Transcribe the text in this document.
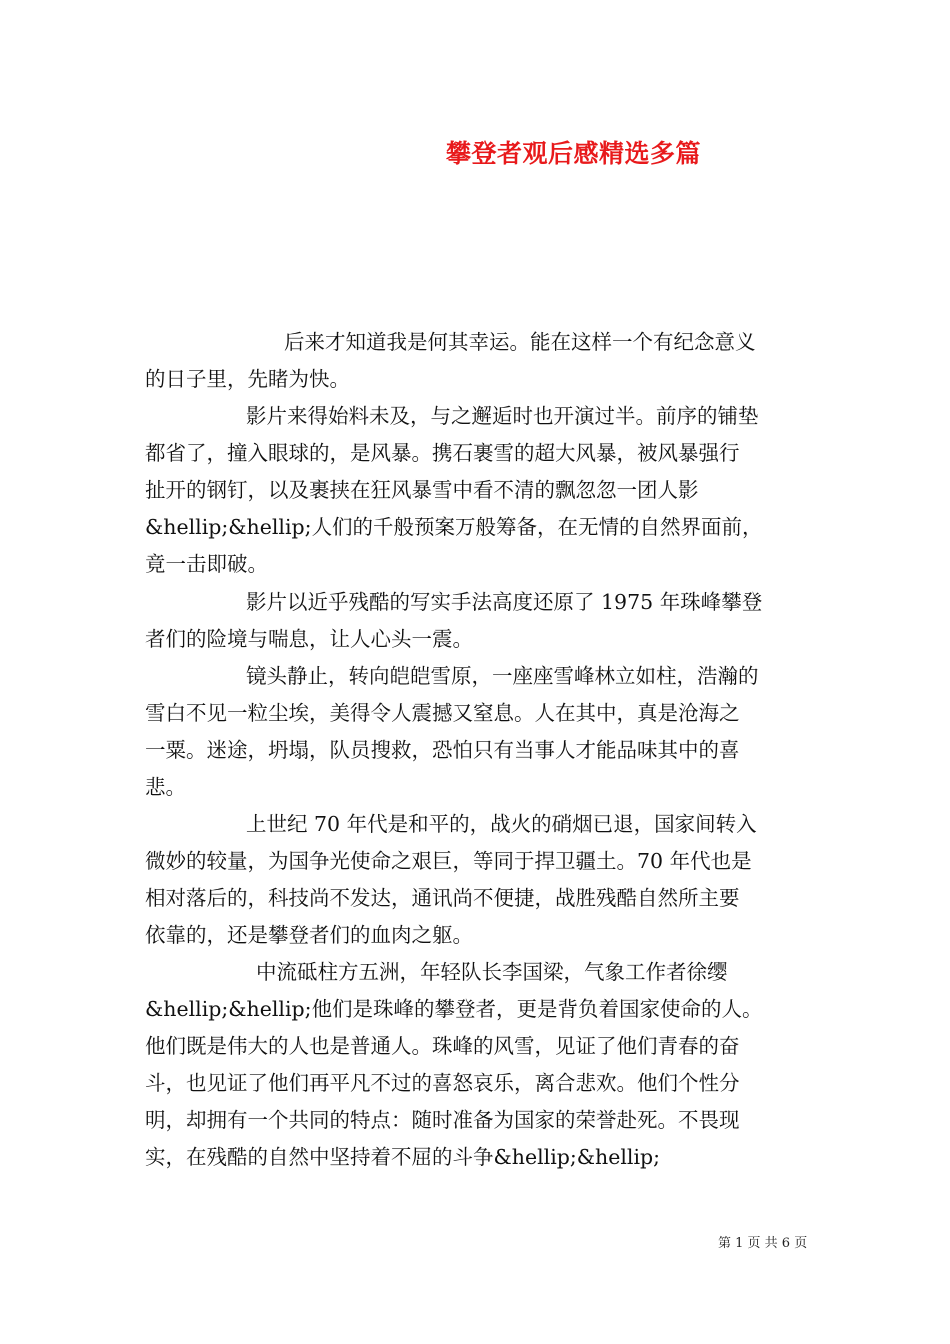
攀登者观后感精选多篇

后来才知道我是何其幸运。能在这样一个有纪念意义

的日子里，先睹为快。

影片来得始料未及，与之邂逅时也开演过半。前序的铺垫

都省了，撞入眼球的，是风暴。携石裹雪的超大风暴，被风暴强行

扯开的钢钉，以及裹挟在狂风暴雪中看不清的飘忽忽一团人影

&hellip;&hellip;人们的千般预案万般筹备，在无情的自然界面前，

竟一击即破。

影片以近乎残酷的写实手法高度还原了 1975 年珠峰攀登

者们的险境与喘息，让人心头一震。

镜头静止，转向皑皑雪原，一座座雪峰林立如柱，浩瀚的

雪白不见一粒尘埃，美得令人震撼又窒息。人在其中，真是沧海之

一粟。迷途，坍塌，队员搜救，恐怕只有当事人才能品味其中的喜

悲。

上世纪 70 年代是和平的，战火的硝烟已退，国家间转入

微妙的较量，为国争光使命之艰巨，等同于捍卫疆土。70 年代也是

相对落后的，科技尚不发达，通讯尚不便捷，战胜残酷自然所主要

依靠的，还是攀登者们的血肉之躯。

中流砥柱方五洲，年轻队长李国梁，气象工作者徐缨

&hellip;&hellip;他们是珠峰的攀登者，更是背负着国家使命的人。

他们既是伟大的人也是普通人。珠峰的风雪，见证了他们青春的奋

斗，也见证了他们再平凡不过的喜怒哀乐，离合悲欢。他们个性分

明，却拥有一个共同的特点：随时准备为国家的荣誉赴死。不畏现

实，在残酷的自然中坚持着不屈的斗争&hellip;&hellip;

第 1 页 共 6 页
